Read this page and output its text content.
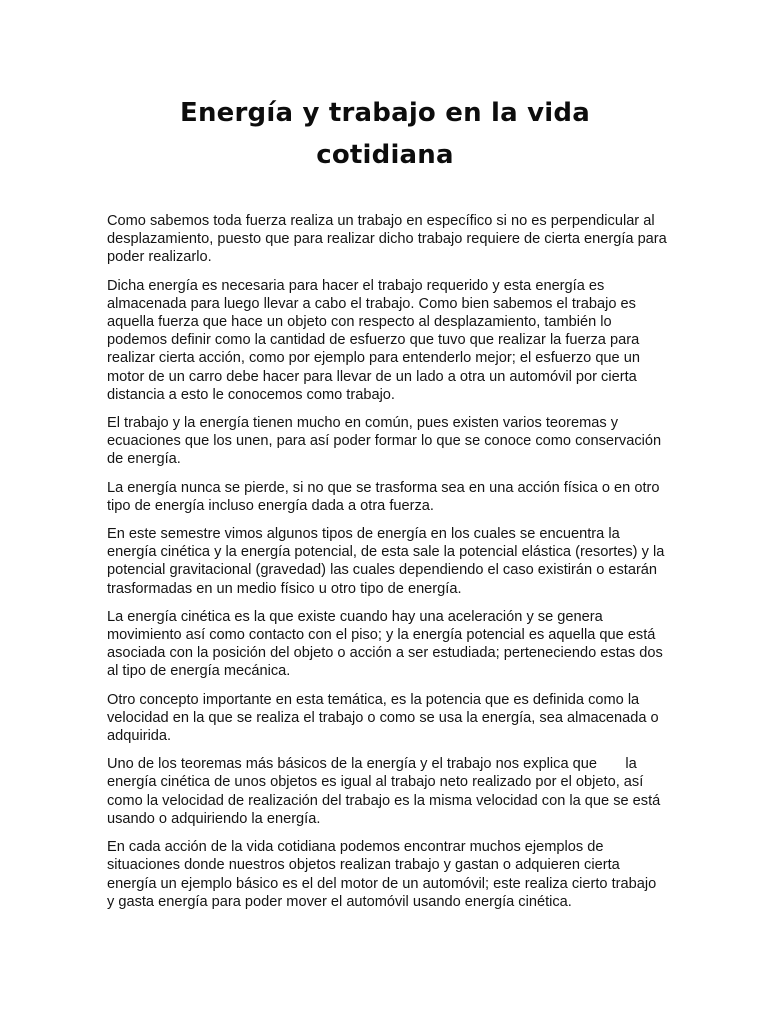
Energía y trabajo en la vida
cotidiana

Como sabemos toda fuerza realiza un trabajo en específico si no es perpendicular al desplazamiento, puesto que para realizar dicho trabajo requiere de cierta energía para poder realizarlo.

Dicha energía es necesaria para hacer el trabajo requerido y esta energía es almacenada para luego llevar a cabo el trabajo. Como bien sabemos el trabajo es aquella fuerza que hace un objeto con respecto al desplazamiento, también lo podemos definir como la cantidad de esfuerzo que tuvo que realizar la fuerza para realizar cierta acción, como por ejemplo para entenderlo mejor; el esfuerzo que un motor de un carro debe hacer para llevar de un lado a otra un automóvil por cierta distancia a esto le conocemos como trabajo.

El trabajo y la energía tienen mucho en común, pues existen varios teoremas y ecuaciones que los unen, para así poder formar lo que se conoce como conservación de energía.

La energía nunca se pierde, si no que se trasforma sea en una acción física o en otro tipo de energía incluso energía dada a otra fuerza.

En este semestre vimos algunos tipos de energía en los cuales se encuentra la energía cinética y la energía potencial, de esta sale la potencial elástica (resortes) y la potencial gravitacional (gravedad) las cuales dependiendo el caso existirán o estarán trasformadas en un medio físico u otro tipo de energía.

La energía cinética es la que existe cuando hay una aceleración y se genera movimiento así como contacto con el piso; y la energía potencial es aquella que está asociada con la posición del objeto o acción a ser estudiada; perteneciendo estas dos al tipo de energía mecánica.

Otro concepto importante en esta temática, es la potencia que es definida como la velocidad en la que se realiza el trabajo o como se usa la energía, sea almacenada o adquirida.

Uno de los teoremas más básicos de la energía y el trabajo nos explica que       la energía cinética de unos objetos es igual al trabajo neto realizado por el objeto, así como la velocidad de realización del trabajo es la misma velocidad con la que se está usando o adquiriendo la energía.

En cada acción de la vida cotidiana podemos encontrar muchos ejemplos de situaciones donde nuestros objetos realizan trabajo y gastan o adquieren cierta energía un ejemplo básico es el del motor de un automóvil; este realiza cierto trabajo y gasta energía para poder mover el automóvil usando energía cinética.
